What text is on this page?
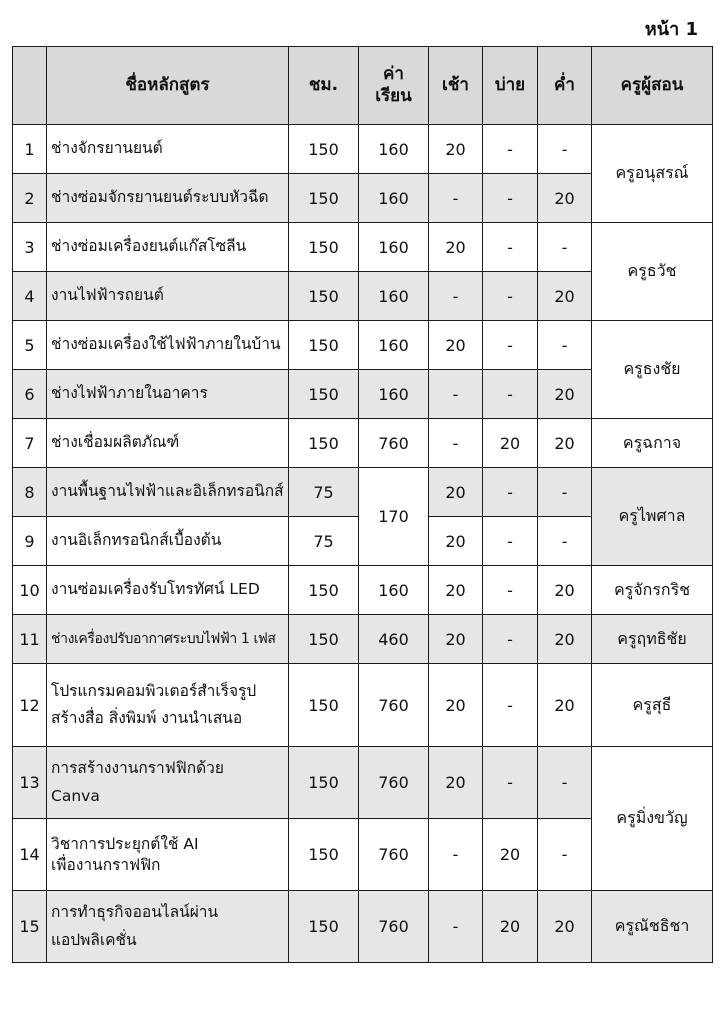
หน้า 1
	ชื่อหลักสูตร	ชม.	ค่า
เรียน	เช้า	บ่าย	ค่ำ	ครูผู้สอน
1	ช่างจักรยานยนต์	150	160	20	-	-	ครูอนุสรณ์
2	ช่างซ่อมจักรยานยนต์ระบบหัวฉีด	150	160	-	-	20	
3	ช่างซ่อมเครื่องยนต์แก๊สโซลีน	150	160	20	-	-	ครูธวัช
4	งานไฟฟ้ารถยนต์	150	160	-	-	20	
5	ช่างซ่อมเครื่องใช้ไฟฟ้าภายในบ้าน	150	160	20	-	-	ครูธงชัย
6	ช่างไฟฟ้าภายในอาคาร	150	160	-	-	20	
7	ช่างเชื่อมผลิตภัณฑ์	150	760	-	20	20	ครูฉกาจ
8	งานพื้นฐานไฟฟ้าและอิเล็กทรอนิกส์	75	170	20	-	-	ครูไพศาล
9	งานอิเล็กทรอนิกส์เบื้องต้น	75		20	-	-	
10	งานซ่อมเครื่องรับโทรทัศน์ LED	150	160	20	-	20	ครูจักรกริช
11	ช่างเครื่องปรับอากาศระบบไฟฟ้า 1 เฟส	150	460	20	-	20	ครูฤทธิชัย
12	โปรแกรมคอมพิวเตอร์สำเร็จรูป
สร้างสื่อ สิ่งพิมพ์ งานนำเสนอ	150	760	20	-	20	ครูสุธี
13	การสร้างงานกราฟฟิกด้วย
Canva	150	760	20	-	-	ครูมิ่งขวัญ
14	วิชาการประยุกต์ใช้ AI
เพื่องานกราฟฟิก	150	760	-	20	-	
15	การทำธุรกิจออนไลน์ผ่าน
แอปพลิเคชั่น	150	760	-	20	20	ครูณัชธิชา
